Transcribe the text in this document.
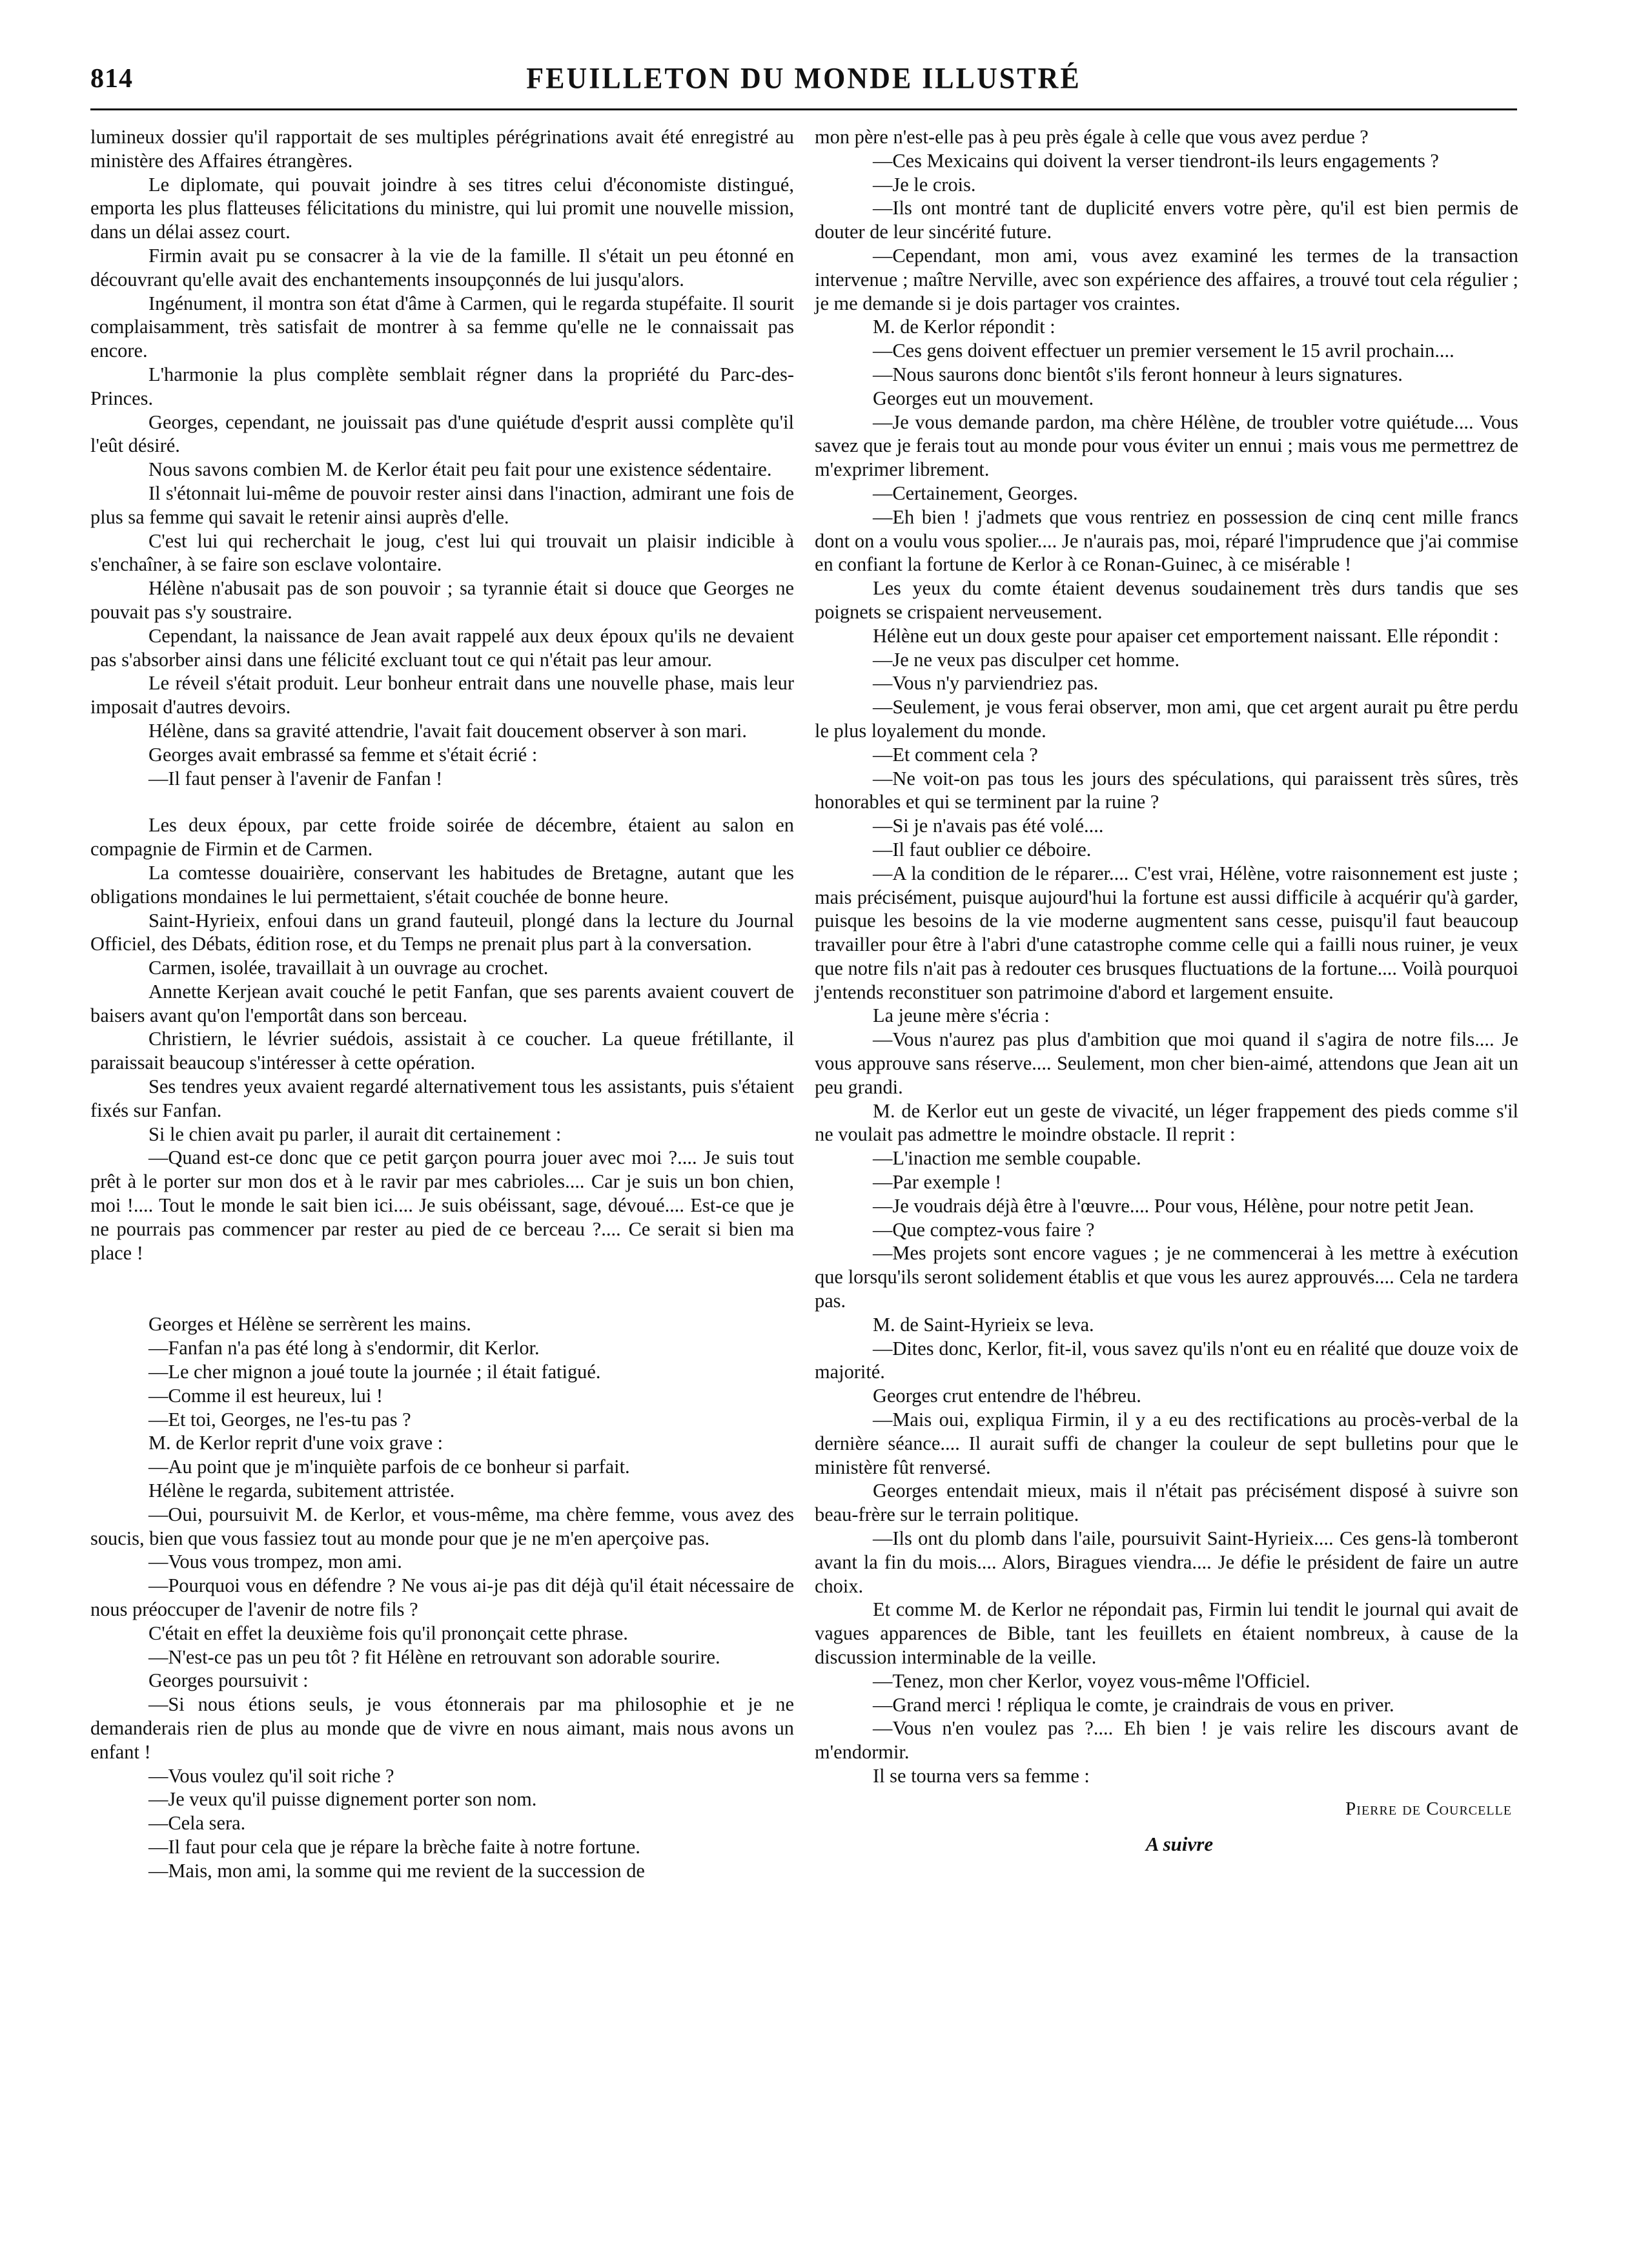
814	FEUILLETON DU MONDE ILLUSTRÉ

lumineux dossier qu'il rapportait de ses multiples pérégrinations avait été enregistré au ministère des Affaires étrangères.

Le diplomate, qui pouvait joindre à ses titres celui d'économiste distingué, emporta les plus flatteuses félicitations du ministre, qui lui promit une nouvelle mission, dans un délai assez court.

Firmin avait pu se consacrer à la vie de la famille. Il s'était un peu étonné en découvrant qu'elle avait des enchantements insoupçonnés de lui jusqu'alors.

Ingénument, il montra son état d'âme à Carmen, qui le regarda stupéfaite. Il sourit complaisamment, très satisfait de montrer à sa femme qu'elle ne le connaissait pas encore.

L'harmonie la plus complète semblait régner dans la propriété du Parc-des-Princes.

Georges, cependant, ne jouissait pas d'une quiétude d'esprit aussi complète qu'il l'eût désiré.

Nous savons combien M. de Kerlor était peu fait pour une existence sédentaire.

Il s'étonnait lui-même de pouvoir rester ainsi dans l'inaction, admirant une fois de plus sa femme qui savait le retenir ainsi auprès d'elle.

C'est lui qui recherchait le joug, c'est lui qui trouvait un plaisir indicible à s'enchaîner, à se faire son esclave volontaire.

Hélène n'abusait pas de son pouvoir ; sa tyrannie était si douce que Georges ne pouvait pas s'y soustraire.

Cependant, la naissance de Jean avait rappelé aux deux époux qu'ils ne devaient pas s'absorber ainsi dans une félicité excluant tout ce qui n'était pas leur amour.

Le réveil s'était produit. Leur bonheur entrait dans une nouvelle phase, mais leur imposait d'autres devoirs.

Hélène, dans sa gravité attendrie, l'avait fait doucement observer à son mari.

Georges avait embrassé sa femme et s'était écrié :

—Il faut penser à l'avenir de Fanfan !

Les deux époux, par cette froide soirée de décembre, étaient au salon en compagnie de Firmin et de Carmen.

La comtesse douairière, conservant les habitudes de Bretagne, autant que les obligations mondaines le lui permettaient, s'était couchée de bonne heure.

Saint-Hyrieix, enfoui dans un grand fauteuil, plongé dans la lecture du Journal Officiel, des Débats, édition rose, et du Temps ne prenait plus part à la conversation.

Carmen, isolée, travaillait à un ouvrage au crochet.

Annette Kerjean avait couché le petit Fanfan, que ses parents avaient couvert de baisers avant qu'on l'emportât dans son berceau.

Christiern, le lévrier suédois, assistait à ce coucher. La queue frétillante, il paraissait beaucoup s'intéresser à cette opération.

Ses tendres yeux avaient regardé alternativement tous les assistants, puis s'étaient fixés sur Fanfan.

Si le chien avait pu parler, il aurait dit certainement :

—Quand est-ce donc que ce petit garçon pourra jouer avec moi ?.... Je suis tout prêt à le porter sur mon dos et à le ravir par mes cabrioles.... Car je suis un bon chien, moi !.... Tout le monde le sait bien ici.... Je suis obéissant, sage, dévoué.... Est-ce que je ne pourrais pas commencer par rester au pied de ce berceau ?.... Ce serait si bien ma place !

Georges et Hélène se serrèrent les mains.

—Fanfan n'a pas été long à s'endormir, dit Kerlor.

—Le cher mignon a joué toute la journée ; il était fatigué.

—Comme il est heureux, lui !

—Et toi, Georges, ne l'es-tu pas ?

M. de Kerlor reprit d'une voix grave :

—Au point que je m'inquiète parfois de ce bonheur si parfait.

Hélène le regarda, subitement attristée.

—Oui, poursuivit M. de Kerlor, et vous-même, ma chère femme, vous avez des soucis, bien que vous fassiez tout au monde pour que je ne m'en aperçoive pas.

—Vous vous trompez, mon ami.

—Pourquoi vous en défendre ? Ne vous ai-je pas dit déjà qu'il était nécessaire de nous préoccuper de l'avenir de notre fils ?

C'était en effet la deuxième fois qu'il prononçait cette phrase.

—N'est-ce pas un peu tôt ? fit Hélène en retrouvant son adorable sourire.

Georges poursuivit :

—Si nous étions seuls, je vous étonnerais par ma philosophie et je ne demanderais rien de plus au monde que de vivre en nous aimant, mais nous avons un enfant !

—Vous voulez qu'il soit riche ?

—Je veux qu'il puisse dignement porter son nom.

—Cela sera.

—Il faut pour cela que je répare la brèche faite à notre fortune.

—Mais, mon ami, la somme qui me revient de la succession de

mon père n'est-elle pas à peu près égale à celle que vous avez perdue ?

—Ces Mexicains qui doivent la verser tiendront-ils leurs engagements ?

—Je le crois.

—Ils ont montré tant de duplicité envers votre père, qu'il est bien permis de douter de leur sincérité future.

—Cependant, mon ami, vous avez examiné les termes de la transaction intervenue ; maître Nerville, avec son expérience des affaires, a trouvé tout cela régulier ; je me demande si je dois partager vos craintes.

M. de Kerlor répondit :

—Ces gens doivent effectuer un premier versement le 15 avril prochain....

—Nous saurons donc bientôt s'ils feront honneur à leurs signatures.

Georges eut un mouvement.

—Je vous demande pardon, ma chère Hélène, de troubler votre quiétude.... Vous savez que je ferais tout au monde pour vous éviter un ennui ; mais vous me permettrez de m'exprimer librement.

—Certainement, Georges.

—Eh bien ! j'admets que vous rentriez en possession de cinq cent mille francs dont on a voulu vous spolier.... Je n'aurais pas, moi, réparé l'imprudence que j'ai commise en confiant la fortune de Kerlor à ce Ronan-Guinec, à ce misérable !

Les yeux du comte étaient devenus soudainement très durs tandis que ses poignets se crispaient nerveusement.

Hélène eut un doux geste pour apaiser cet emportement naissant. Elle répondit :

—Je ne veux pas disculper cet homme.

—Vous n'y parviendriez pas.

—Seulement, je vous ferai observer, mon ami, que cet argent aurait pu être perdu le plus loyalement du monde.

—Et comment cela ?

—Ne voit-on pas tous les jours des spéculations, qui paraissent très sûres, très honorables et qui se terminent par la ruine ?

—Si je n'avais pas été volé....

—Il faut oublier ce déboire.

—A la condition de le réparer.... C'est vrai, Hélène, votre raisonnement est juste ; mais précisément, puisque aujourd'hui la fortune est aussi difficile à acquérir qu'à garder, puisque les besoins de la vie moderne augmentent sans cesse, puisqu'il faut beaucoup travailler pour être à l'abri d'une catastrophe comme celle qui a failli nous ruiner, je veux que notre fils n'ait pas à redouter ces brusques fluctuations de la fortune.... Voilà pourquoi j'entends reconstituer son patrimoine d'abord et largement ensuite.

La jeune mère s'écria :

—Vous n'aurez pas plus d'ambition que moi quand il s'agira de notre fils.... Je vous approuve sans réserve.... Seulement, mon cher bien-aimé, attendons que Jean ait un peu grandi.

M. de Kerlor eut un geste de vivacité, un léger frappement des pieds comme s'il ne voulait pas admettre le moindre obstacle. Il reprit :

—L'inaction me semble coupable.

—Par exemple !

—Je voudrais déjà être à l'œuvre.... Pour vous, Hélène, pour notre petit Jean.

—Que comptez-vous faire ?

—Mes projets sont encore vagues ; je ne commencerai à les mettre à exécution que lorsqu'ils seront solidement établis et que vous les aurez approuvés.... Cela ne tardera pas.

M. de Saint-Hyrieix se leva.

—Dites donc, Kerlor, fit-il, vous savez qu'ils n'ont eu en réalité que douze voix de majorité.

Georges crut entendre de l'hébreu.

—Mais oui, expliqua Firmin, il y a eu des rectifications au procès-verbal de la dernière séance.... Il aurait suffi de changer la couleur de sept bulletins pour que le ministère fût renversé.

Georges entendait mieux, mais il n'était pas précisément disposé à suivre son beau-frère sur le terrain politique.

—Ils ont du plomb dans l'aile, poursuivit Saint-Hyrieix.... Ces gens-là tomberont avant la fin du mois.... Alors, Biragues viendra.... Je défie le président de faire un autre choix.

Et comme M. de Kerlor ne répondait pas, Firmin lui tendit le journal qui avait de vagues apparences de Bible, tant les feuillets en étaient nombreux, à cause de la discussion interminable de la veille.

—Tenez, mon cher Kerlor, voyez vous-même l'Officiel.

—Grand merci ! répliqua le comte, je craindrais de vous en priver.

—Vous n'en voulez pas ?.... Eh bien ! je vais relire les discours avant de m'endormir.

Il se tourna vers sa femme :

Pierre de Courcelle
A suivre
